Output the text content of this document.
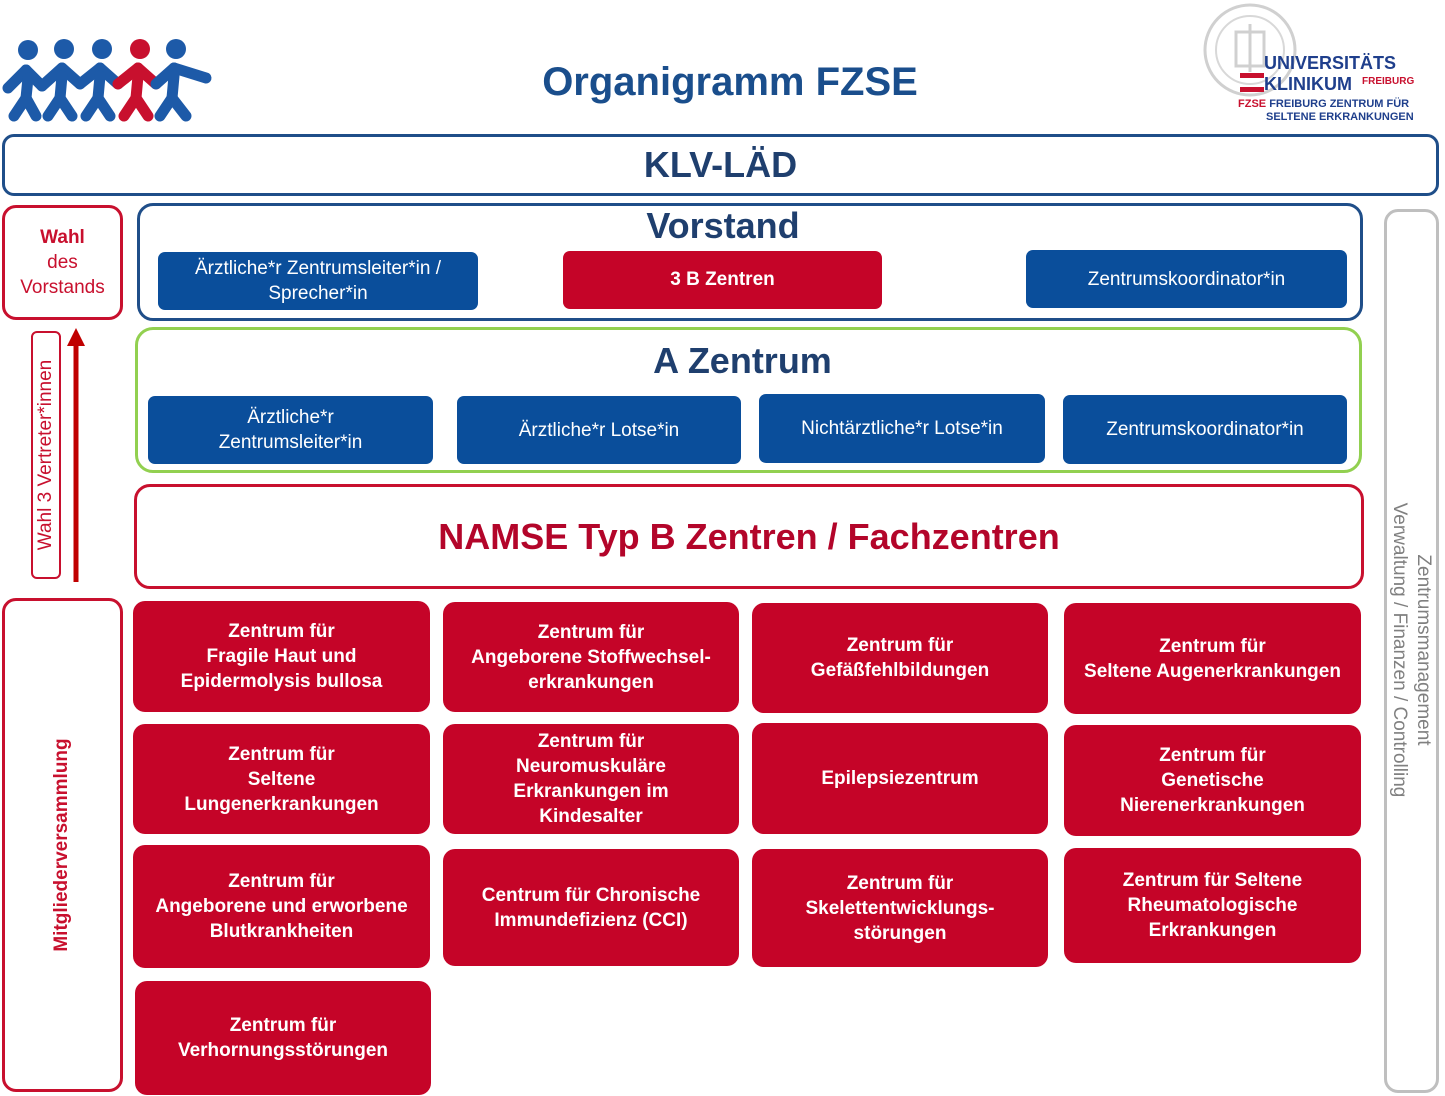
Organigramm FZSE	UNIVERSITÄTS
KLINIKUM FREIBURG
FZSE FREIBURG ZENTRUM FÜR
SELTENE ERKRANKUNGEN
KLV-LÄD
Wahl
des
Vorstands
Vorstand
Ärztliche*r Zentrumsleiter*in / Sprecher*in
3 B Zentren	Zentrumskoordinator*in
Wahl 3 Vertreter*innen	A Zentrum
Ärztliche*r Zentrumsleiter*in
Ärztliche*r Lotse*in	Nichtärztliche*r Lotse*in	Zentrumskoordinator*in
NAMSE Typ B Zentren / Fachzentren
Mitgliederversammlung
Zentrumsmanagement
Verwaltung / Finanzen / Controlling
Zentrum für
Fragile Haut und
Epidermolysis bullosa
Zentrum für
Angeborene Stoffwechsel-
erkrankungen
Zentrum für
Gefäßfehlbildungen
Zentrum für
Seltene Augenerkrankungen
Zentrum für
Seltene
Lungenerkrankungen
Zentrum für
Neuromuskuläre
Erkrankungen im
Kindesalter
Epilepsiezentrum
Zentrum für
Genetische
Nierenerkrankungen
Zentrum für
Angeborene und erworbene
Blutkrankheiten
Centrum für Chronische
Immundefizienz (CCI)
Zentrum für
Skelettentwicklungs-
störungen
Zentrum für Seltene
Rheumatologische
Erkrankungen
Zentrum für
Verhornungsstörungen
